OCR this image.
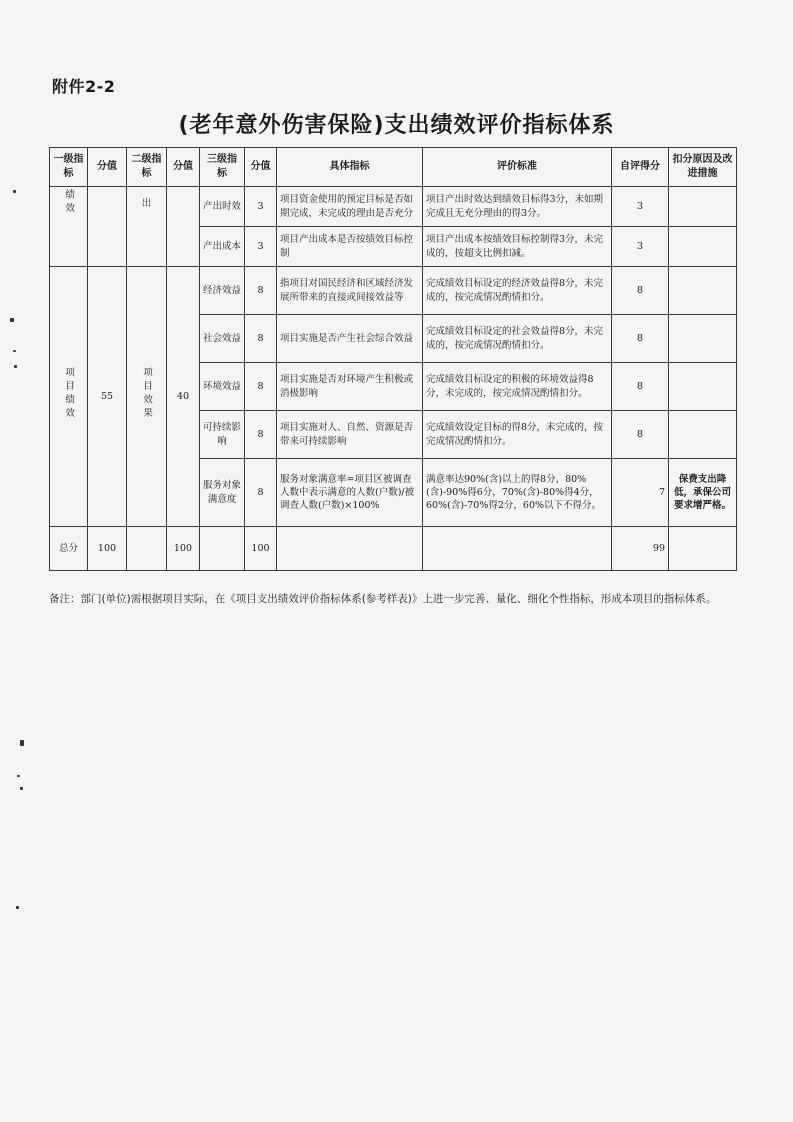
附件2-2
(老年意外伤害保险)支出绩效评价指标体系
一级指标	分值	二级指标	分值	三级指标	分值	具体指标	评价标准	自评得分	扣分原因及改进措施
绩效		出		产出时效	3	项目资金使用的预定目标是否如期完成，未完成的理由是否充分	项目产出时效达到绩效目标得3分，未如期完成且无充分理由的得3分。	3	
				产出成本	3	项目产出成本是否按绩效目标控制	项目产出成本按绩效目标控制得3分，未完成的，按超支比例扣减。	3	
项目绩效	55	项目效果	40	经济效益	8	指项目对国民经济和区域经济发展所带来的直接或间接效益等	完成绩效目标设定的经济效益得8分，未完成的，按完成情况酌情扣分。	8	
				社会效益	8	项目实施是否产生社会综合效益	完成绩效目标设定的社会效益得8分，未完成的，按完成情况酌情扣分。	8	
				环境效益	8	项目实施是否对环境产生积极或消极影响	完成绩效目标设定的积极的环境效益得8分，未完成的，按完成情况酌情扣分。	8	
				可持续影响	8	项目实施对人、自然、资源是否带来可持续影响	完成绩效设定目标的得8分，未完成的，按完成情况酌情扣分。	8	
				服务对象满意度	8	服务对象满意率=项目区被调查人数中表示满意的人数(户数)/被调查人数(户数)×100%	满意率达90%(含)以上的得8分，80%(含)-90%得6分，70%(含)-80%得4分，60%(含)-70%得2分，60%以下不得分。	7	保费支出降低，承保公司要求增严格。
总分	100		100		100			99	
备注：部门(单位)需根据项目实际，在《项目支出绩效评价指标体系(参考样表)》上进一步完善、量化、细化个性指标，形成本项目的指标体系。
